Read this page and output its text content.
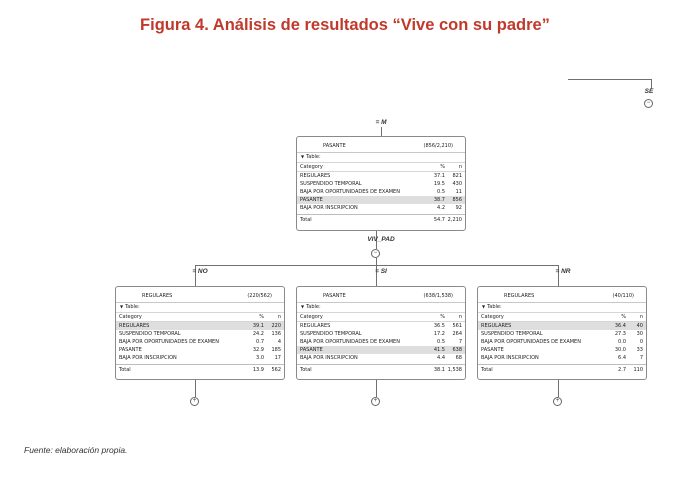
Figura 4. Análisis de resultados “Vive con su padre”
SE
−
= M
PASANTE	(856/2,210)
▼ Table:
Category	%	n
REGULARES	37.1 821
SUSPENDIDO TEMPORAL	19.5 430
BAJA POR OPORTUNIDADES DE EXAMEN	0.5 11
PASANTE	38.7 856
BAJA POR INSCRIPCION	4.2 92
Total	54.7 2,210
VIV_PAD
−
= NO	= SI	= NR
REGULARES	(220/562)
▼ Table:
Category	%	n
REGULARES	39.1 220
SUSPENDIDO TEMPORAL	24.2 136
BAJA POR OPORTUNIDADES DE EXAMEN	0.7	4
PASANTE	32.9 185
BAJA POR INSCRIPCION	3.0 17
Total	13.9 562
PASANTE	(638/1,538)
▼ Table:
Category	%	n
REGULARES	36.5 561
SUSPENDIDO TEMPORAL	17.2 264
BAJA POR OPORTUNIDADES DE EXAMEN	0.5	7
PASANTE	41.5 638
BAJA POR INSCRIPCION	4.4 68
Total	38.1 1,538
REGULARES	(40/110)
▼ Table:
Category	%	n
REGULARES	36.4 40
SUSPENDIDO TEMPORAL	27.3 30
BAJA POR OPORTUNIDADES DE EXAMEN	0.0	0
PASANTE	30.0 33
BAJA POR INSCRIPCION	6.4	7
Total	2.7 110
+	+	+
Fuente: elaboración propia.
